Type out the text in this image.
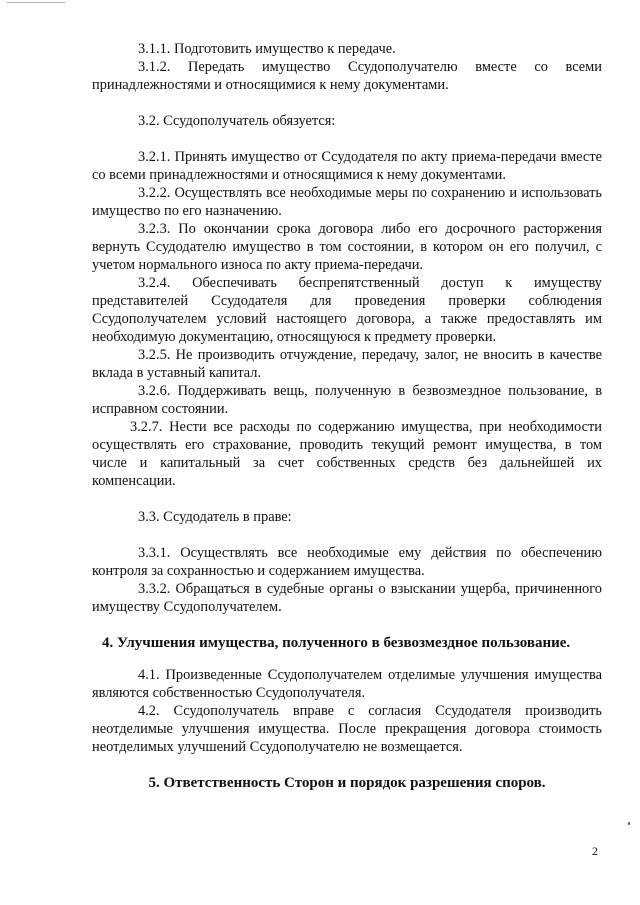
3.1.1. Подготовить имущество к передаче.

3.1.2. Передать имущество Ссудополучателю вместе со всеми принадлежностями и относящимися к нему документами.

3.2. Ссудополучатель обязуется:

3.2.1. Принять имущество от Ссудодателя по акту приема-передачи вместе со всеми принадлежностями и относящимися к нему документами.

3.2.2. Осуществлять все необходимые меры по сохранению и использовать имущество по его назначению.

3.2.3. По окончании срока договора либо его досрочного расторжения вернуть Ссудодателю имущество в том состоянии, в котором он его получил, с учетом нормального износа по акту приема-передачи.

3.2.4. Обеспечивать беспрепятственный доступ к имуществу представителей Ссудодателя для проведения проверки соблюдения Ссудополучателем условий настоящего договора, а также предоставлять им необходимую документацию, относящуюся к предмету проверки.

3.2.5. Не производить отчуждение, передачу, залог, не вносить в качестве вклада в уставный капитал.

3.2.6. Поддерживать вещь, полученную в безвозмездное пользование, в исправном состоянии.

3.2.7. Нести все расходы по содержанию имущества, при необходимости осуществлять его страхование, проводить текущий ремонт имущества, в том числе и капитальный за счет собственных средств без дальнейшей их компенсации.

3.3. Ссудодатель в праве:

3.3.1. Осуществлять все необходимые ему действия по обеспечению контроля за сохранностью и содержанием имущества.

3.3.2. Обращаться в судебные органы о взыскании ущерба, причиненного имуществу Ссудополучателем.

4. Улучшения имущества, полученного в безвозмездное пользование.

4.1. Произведенные Ссудополучателем отделимые улучшения имущества являются собственностью Ссудополучателя.

4.2. Ссудополучатель вправе с согласия Ссудодателя производить неотделимые улучшения имущества. После прекращения договора стоимость неотделимых улучшений Ссудополучателю не возмещается.

5. Ответственность Сторон и порядок разрешения споров.

2
